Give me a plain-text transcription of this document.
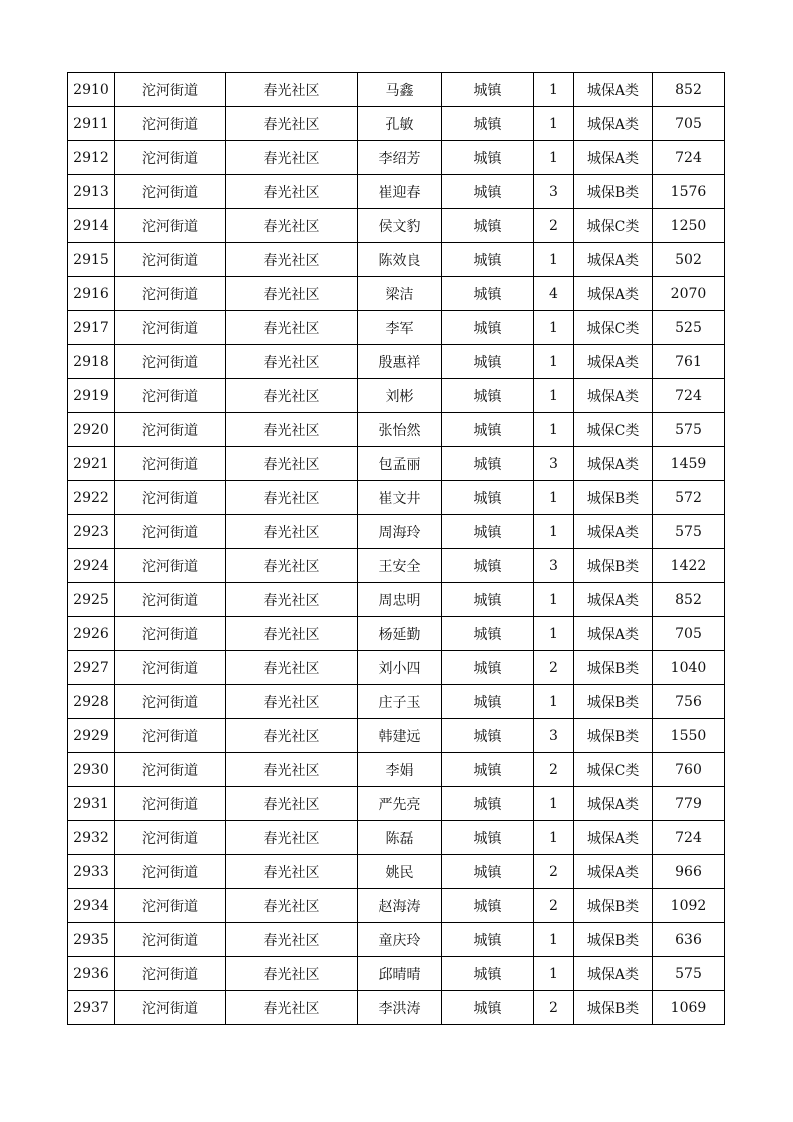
2910	沱河街道	春光社区	马鑫	城镇	1	城保A类	852
2911	沱河街道	春光社区	孔敏	城镇	1	城保A类	705
2912	沱河街道	春光社区	李绍芳	城镇	1	城保A类	724
2913	沱河街道	春光社区	崔迎春	城镇	3	城保B类	1576
2914	沱河街道	春光社区	侯文豹	城镇	2	城保C类	1250
2915	沱河街道	春光社区	陈效良	城镇	1	城保A类	502
2916	沱河街道	春光社区	梁洁	城镇	4	城保A类	2070
2917	沱河街道	春光社区	李军	城镇	1	城保C类	525
2918	沱河街道	春光社区	殷惠祥	城镇	1	城保A类	761
2919	沱河街道	春光社区	刘彬	城镇	1	城保A类	724
2920	沱河街道	春光社区	张怡然	城镇	1	城保C类	575
2921	沱河街道	春光社区	包孟丽	城镇	3	城保A类	1459
2922	沱河街道	春光社区	崔文井	城镇	1	城保B类	572
2923	沱河街道	春光社区	周海玲	城镇	1	城保A类	575
2924	沱河街道	春光社区	王安全	城镇	3	城保B类	1422
2925	沱河街道	春光社区	周忠明	城镇	1	城保A类	852
2926	沱河街道	春光社区	杨延勤	城镇	1	城保A类	705
2927	沱河街道	春光社区	刘小四	城镇	2	城保B类	1040
2928	沱河街道	春光社区	庄子玉	城镇	1	城保B类	756
2929	沱河街道	春光社区	韩建远	城镇	3	城保B类	1550
2930	沱河街道	春光社区	李娟	城镇	2	城保C类	760
2931	沱河街道	春光社区	严先亮	城镇	1	城保A类	779
2932	沱河街道	春光社区	陈磊	城镇	1	城保A类	724
2933	沱河街道	春光社区	姚民	城镇	2	城保A类	966
2934	沱河街道	春光社区	赵海涛	城镇	2	城保B类	1092
2935	沱河街道	春光社区	童庆玲	城镇	1	城保B类	636
2936	沱河街道	春光社区	邱晴晴	城镇	1	城保A类	575
2937	沱河街道	春光社区	李洪涛	城镇	2	城保B类	1069
